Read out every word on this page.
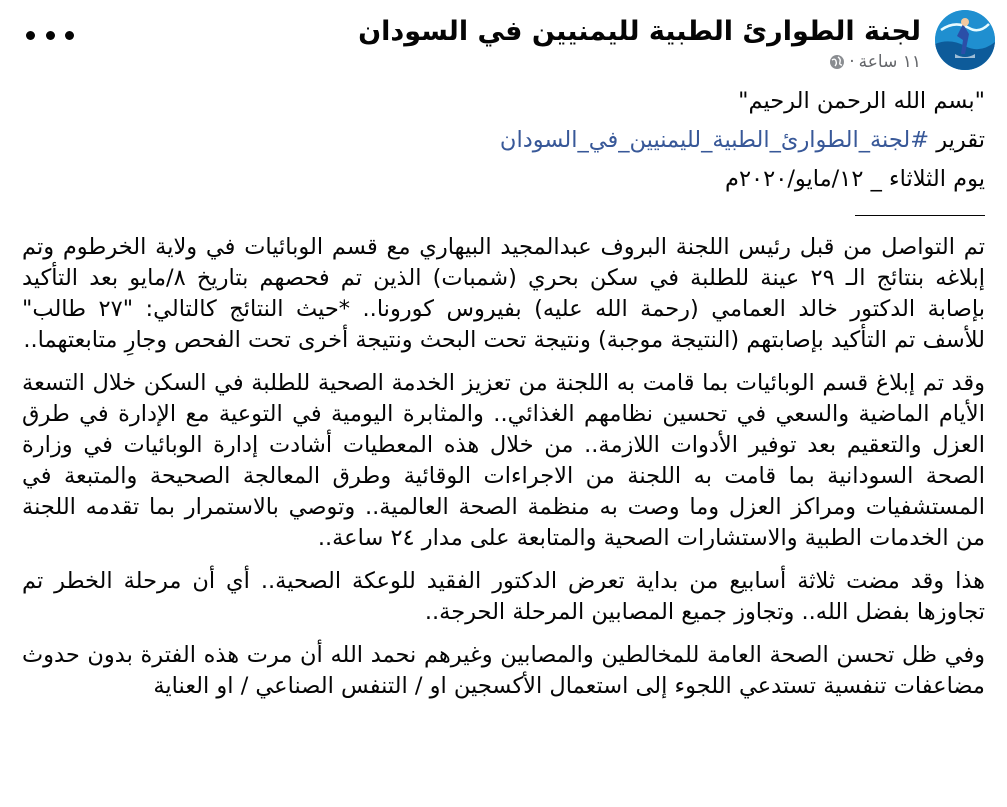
لجنة الطوارئ الطبية لليمنيين في السودان
١١ ساعة
·
"بسم الله الرحمن الرحيم"
تقرير #لجنة_الطوارئ_الطبية_لليمنيين_في_السودان
يوم الثلاثاء _ ١٢/مايو/٢٠٢٠م

تم التواصل من قبل رئيس اللجنة البروف عبدالمجيد البيهاري مع قسم الوبائيات في ولاية الخرطوم وتم إبلاغه بنتائج الـ ٢٩ عينة للطلبة في سكن بحري (شمبات) الذين تم فحصهم بتاريخ ٨/مايو بعد التأكيد بإصابة الدكتور خالد العمامي (رحمة الله عليه) بفيروس كورونا.. *حيث النتائج كالتالي: "٢٧ طالب" للأسف تم التأكيد بإصابتهم (النتيجة موجبة) ونتيجة تحت البحث ونتيجة أخرى تحت الفحص وجارِ متابعتهما..

وقد تم إبلاغ قسم الوبائيات بما قامت به اللجنة من تعزيز الخدمة الصحية للطلبة في السكن خلال التسعة الأيام الماضية والسعي في تحسين نظامهم الغذائي.. والمثابرة اليومية في التوعية مع الإدارة في طرق العزل والتعقيم بعد توفير الأدوات اللازمة.. من خلال هذه المعطيات أشادت إدارة الوبائيات في وزارة الصحة السودانية بما قامت به اللجنة من الاجراءات الوقائية وطرق المعالجة الصحيحة والمتبعة في المستشفيات ومراكز العزل وما وصت به منظمة الصحة العالمية.. وتوصي بالاستمرار بما تقدمه اللجنة من الخدمات الطبية والاستشارات الصحية والمتابعة على مدار ٢٤ ساعة..

هذا وقد مضت ثلاثة أسابيع من بداية تعرض الدكتور الفقيد للوعكة الصحية.. أي أن مرحلة الخطر تم تجاوزها بفضل الله.. وتجاوز جميع المصابين المرحلة الحرجة..

وفي ظل تحسن الصحة العامة للمخالطين والمصابين وغيرهم نحمد الله أن مرت هذه الفترة بدون حدوث مضاعفات تنفسية تستدعي اللجوء إلى استعمال الأكسجين او / التنفس الصناعي / او العناية
